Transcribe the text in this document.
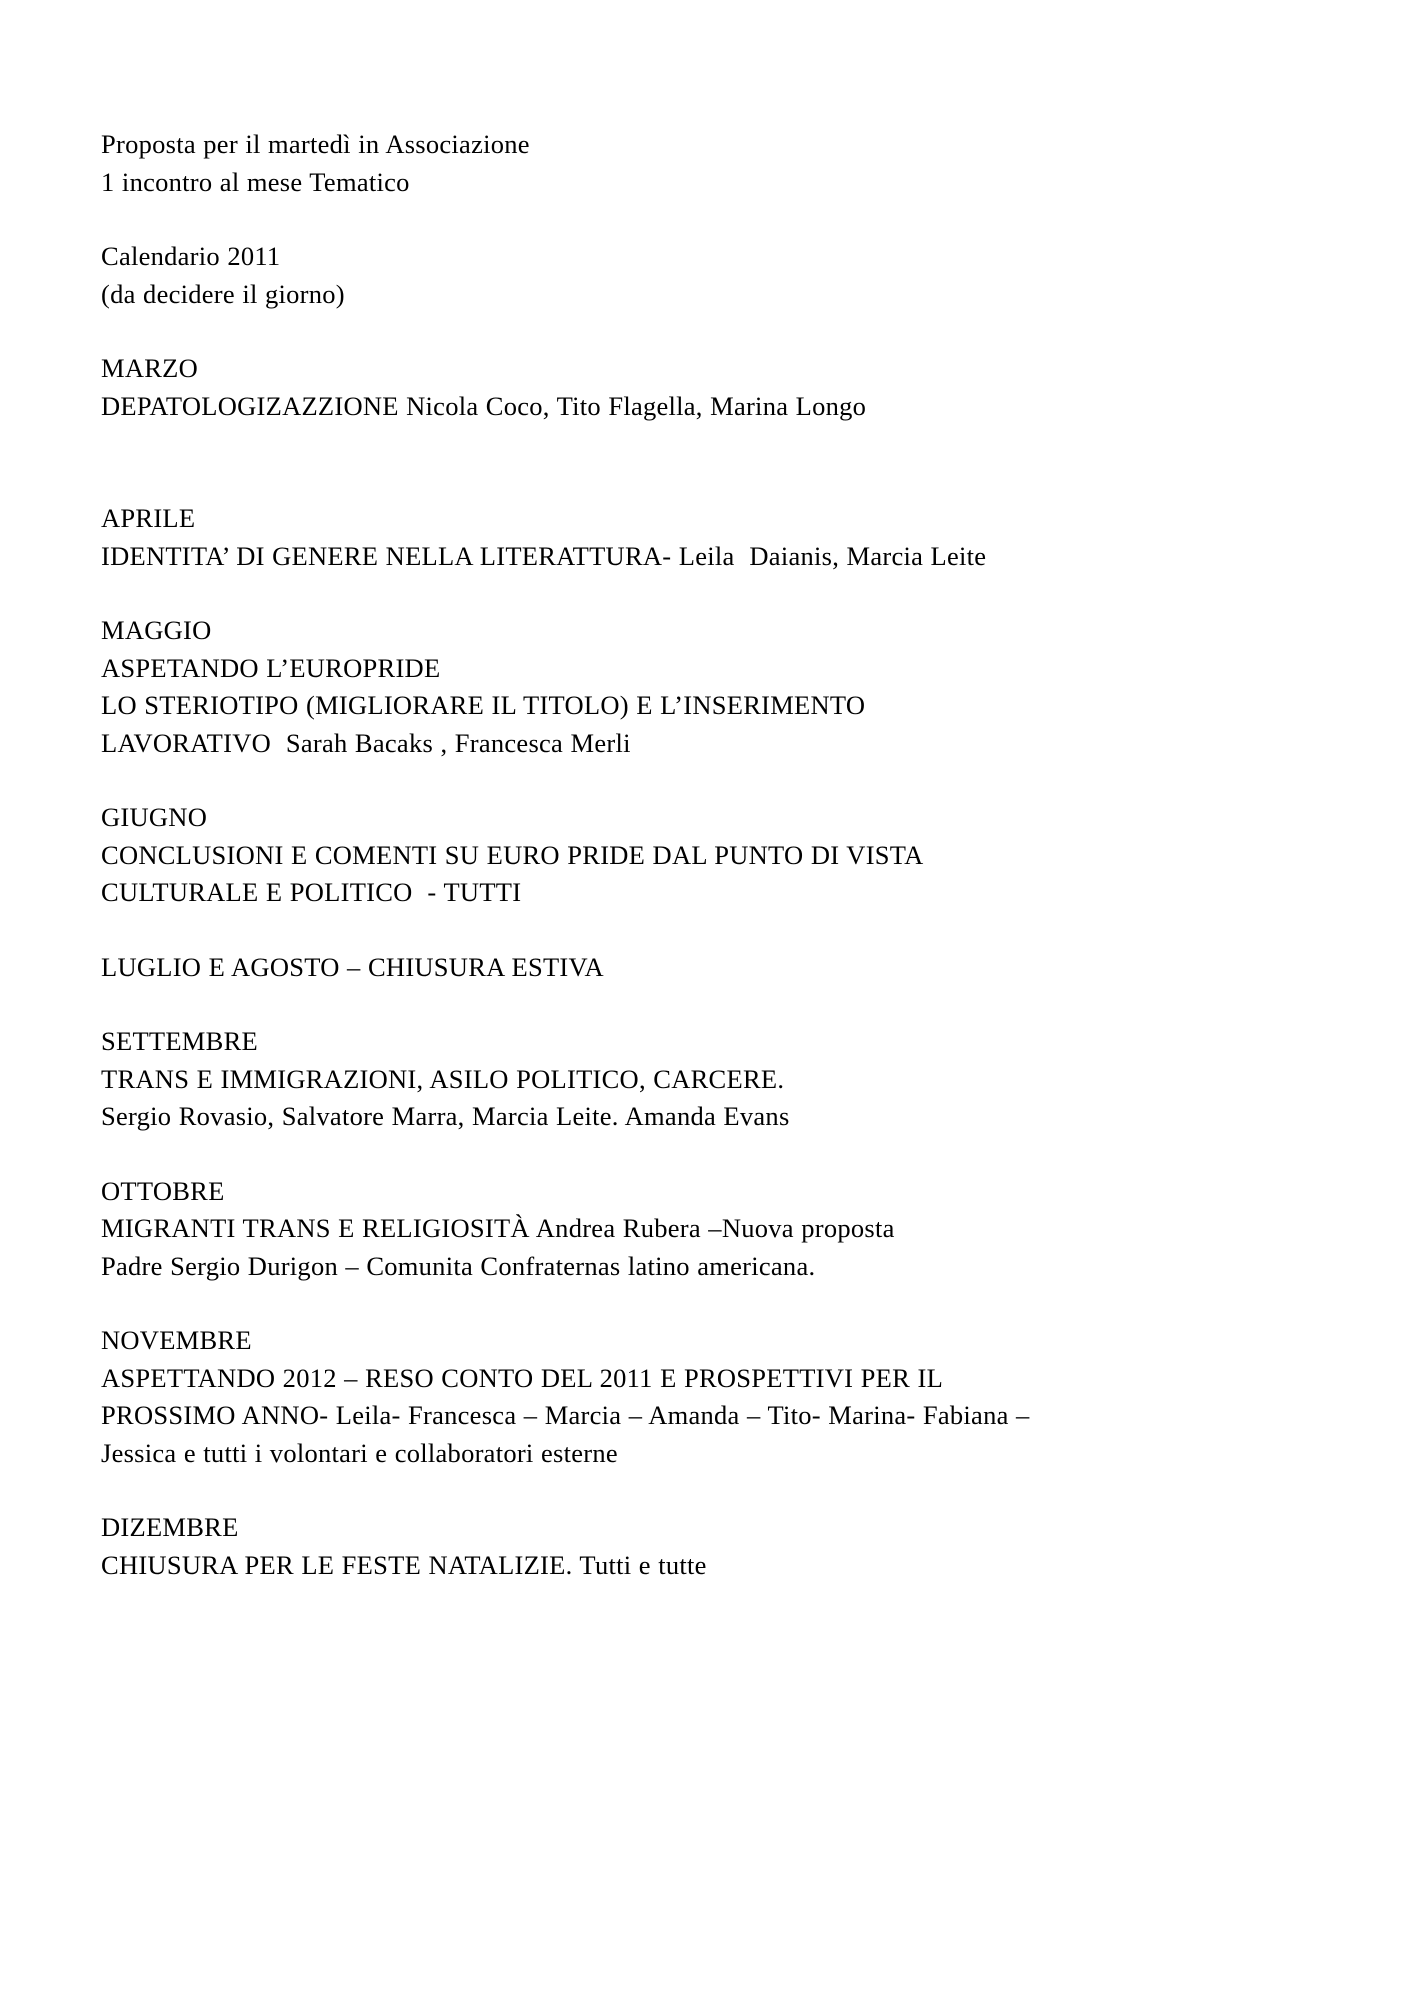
Proposta per il martedì in Associazione
1 incontro al mese Tematico
Calendario 2011
(da decidere il giorno)
MARZO
DEPATOLOGIZAZZIONE Nicola Coco, Tito Flagella, Marina Longo
APRILE
IDENTITA’ DI GENERE NELLA LITERATTURA- Leila  Daianis, Marcia Leite
MAGGIO
ASPETANDO L’EUROPRIDE
LO STERIOTIPO (MIGLIORARE IL TITOLO) E L’INSERIMENTO
LAVORATIVO  Sarah Bacaks , Francesca Merli
GIUGNO
CONCLUSIONI E COMENTI SU EURO PRIDE DAL PUNTO DI VISTA
CULTURALE E POLITICO  - TUTTI
LUGLIO E AGOSTO – CHIUSURA ESTIVA
SETTEMBRE
TRANS E IMMIGRAZIONI, ASILO POLITICO, CARCERE.
Sergio Rovasio, Salvatore Marra, Marcia Leite. Amanda Evans
OTTOBRE
MIGRANTI TRANS E RELIGIOSITÀ Andrea Rubera –Nuova proposta
Padre Sergio Durigon – Comunita Confraternas latino americana.
NOVEMBRE
ASPETTANDO 2012 – RESO CONTO DEL 2011 E PROSPETTIVI PER IL
PROSSIMO ANNO- Leila- Francesca – Marcia – Amanda – Tito- Marina- Fabiana –
Jessica e tutti i volontari e collaboratori esterne
DIZEMBRE
CHIUSURA PER LE FESTE NATALIZIE. Tutti e tutte
